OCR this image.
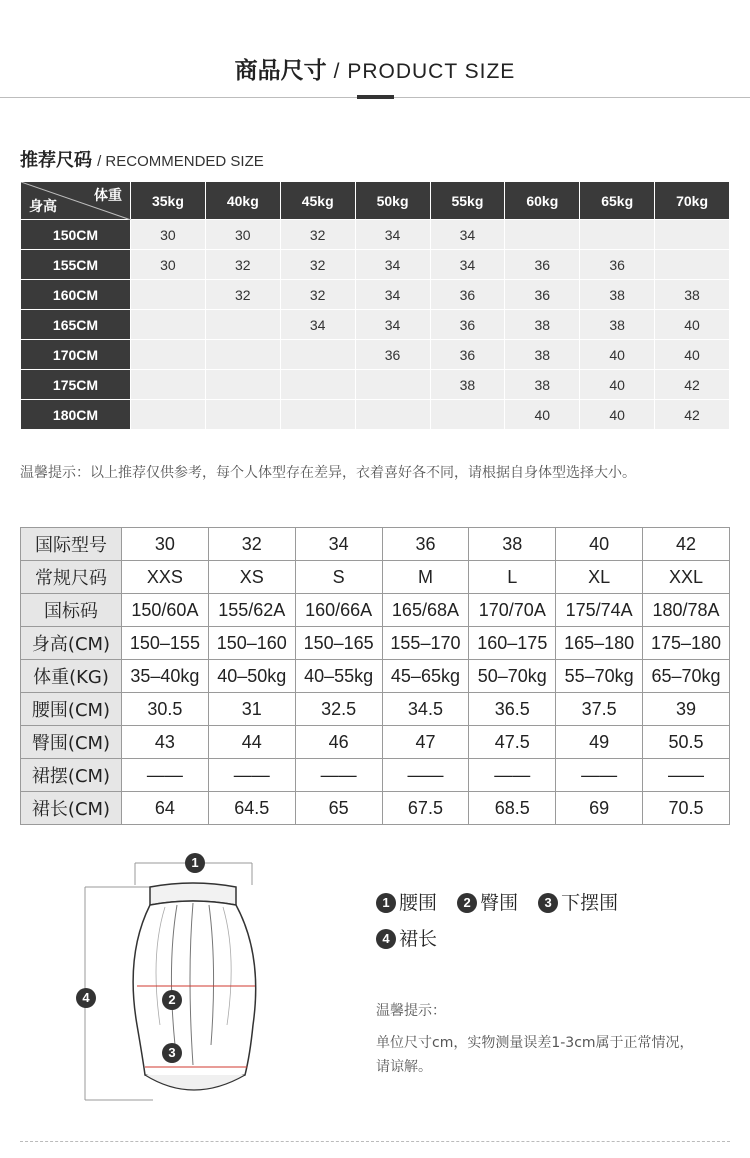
商品尺寸 / PRODUCT SIZE
推荐尺码 / RECOMMENDED SIZE
体重
身高	35kg	40kg	45kg	50kg	55kg	60kg	65kg	70kg
150CM	30	30	32	34	34			
155CM	30	32	32	34	34	36	36	
160CM		32	32	34	36	36	38	38
165CM			34	34	36	38	38	40
170CM				36	36	38	40	40
175CM					38	38	40	42
180CM						40	40	42
温馨提示：以上推荐仅供参考，每个人体型存在差异，衣着喜好各不同，请根据自身体型选择大小。
国际型号	30	32	34	36	38	40	42
常规尺码	XXS	XS	S	M	L	XL	XXL
国标码	150/60A	155/62A	160/66A	165/68A	170/70A	175/74A	180/78A
身高(CM)	150–155	150–160	150–165	155–170	160–175	165–180	175–180
体重(KG)	35–40kg	40–50kg	40–55kg	45–65kg	50–70kg	55–70kg	65–70kg
腰围(CM)	30.5	31	32.5	34.5	36.5	37.5	39
臀围(CM)	43	44	46	47	47.5	49	50.5
裙摆(CM)	——	——	——	——	——	——	——
裙长(CM)	64	64.5	65	67.5	68.5	69	70.5
1
2
3
4
1 腰围 2 臀围 3 下摆围
4 裙长
温馨提示：
单位尺寸cm，实物测量误差1-3cm属于正常情况，请谅解。
